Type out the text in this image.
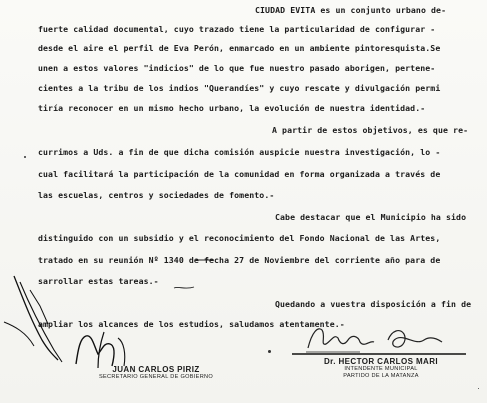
CIUDAD EVITA es un conjunto urbano de-
fuerte calidad documental, cuyo trazado tiene la particularidad de configurar -
desde el aire el perfil de Eva Perón, enmarcado en un ambiente pintoresquista.Se
unen a estos valores "indicios" de lo que fue nuestro pasado aborigen, pertene-
cientes a la tribu de los indios "Querandíes" y cuyo rescate y divulgación permi
tiría reconocer en un mismo hecho urbano, la evolución de nuestra identidad.-
A partir de estos objetivos, es que re-
currimos a Uds. a fin de que dicha comisión auspicie nuestra investigación, lo -
cual facilitará la participación de la comunidad en forma organizada a través de
las escuelas, centros y sociedades de fomento.-
Cabe destacar que el Municipio ha sido
distinguido con un subsidio y el reconocimiento del Fondo Nacional de las Artes,
tratado en su reunión Nº 1340 de fecha 27 de Noviembre del corriente año para de
sarrollar estas tareas.-
Quedando a vuestra disposición a fin de
ampliar los alcances de los estudios, saludamos atentamente.-
JUAN CARLOS PIRIZ
SECRETARIO GENERAL DE GOBIERNO
Dr. HECTOR CARLOS MARI
INTENDENTE MUNICIPAL
PARTIDO DE LA MATANZA
